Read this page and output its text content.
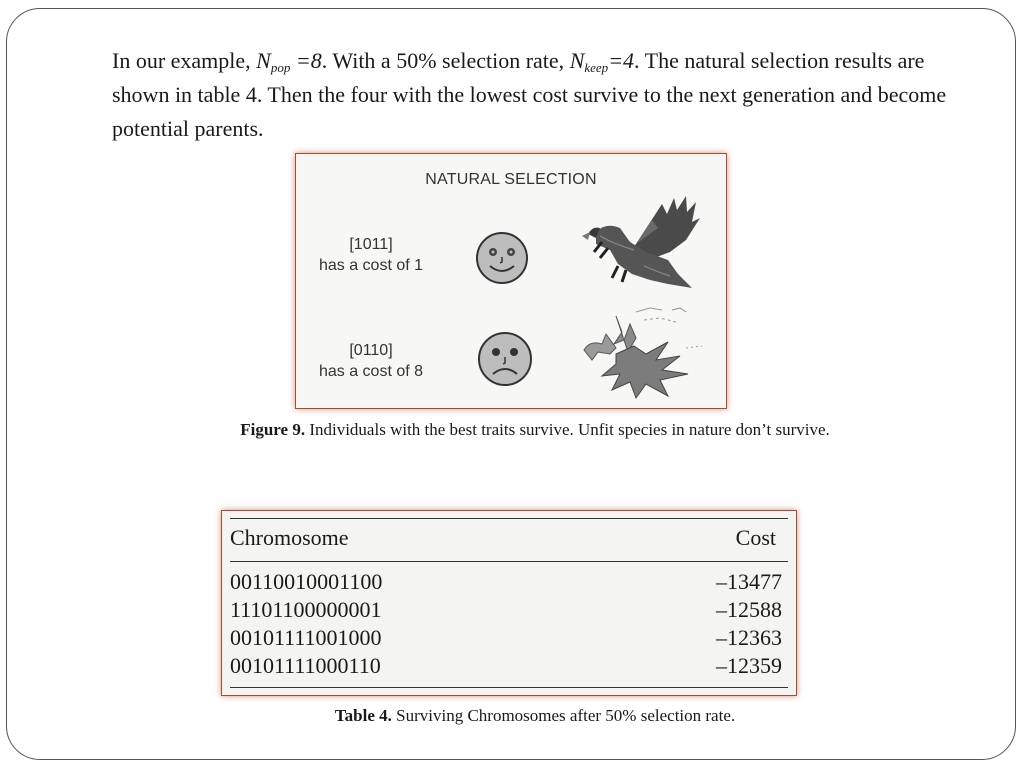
In our example, $N_{pop} =8$. With a 50% selection rate, $N_{keep}=4$. The natural selection results are shown in table 4. Then the four with the lowest cost survive to the next generation and become potential parents.

NATURAL SELECTION
[1011]
has a cost of 1
[0110]
has a cost of 8

Figure 9. Individuals with the best traits survive. Unfit species in nature don’t survive.

Chromosome	Cost
00110010001100	–13477
11101100000001	–12588
00101111001000	–12363
00101111000110	–12359

Table 4. Surviving Chromosomes after 50% selection rate.
